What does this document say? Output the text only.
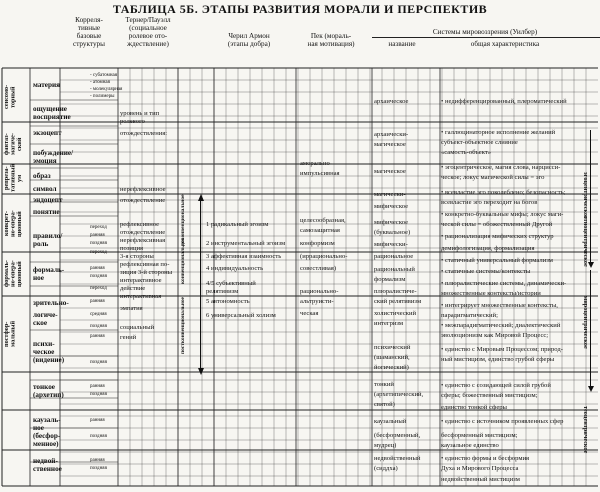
ТАБЛИЦА 5Б. ЭТАПЫ РАЗВИТИЯ МОРАЛИ И ПЕРСПЕКТИВ
Корреля-
тивные
базовые
структуры
Тернер/Пауэлл
(социальное
ролевое ото-
ждествление)
Черил Армон
(этапы добра)
Пек (мораль-
ная мотивация)
Системы мировоззрения (Уилбер)
название	общая характеристика
сенсомо-
торный
фантаз-
магиче-
ский
репреза-
тативный
ум
конкрет-
но-опера-
ционный
формаль-
но-опера-
ционный
постфор-
мальный
материя
ощущение
восприятие
экзоцепт
побуждение/
эмоция
образ
символ
эндоцепт
понятие
правило/
роль
формаль-
ное
зрительно-
логиче-
ское
психи-
ческое
(видение)
тонкое
(архетип)
каузаль-
ное
(бесфор-
менное)
недвой-
ственное
- субатомная
- атомная
- молекулярная
- полимеры
переход
ранняя
поздняя
переход
ранняя
поздняя
переход
ранняя
средняя
поздняя
ранняя
поздняя
ранняя
поздняя
ранняя
поздняя
ранняя
поздняя
уровень и тип
ролевого
отождествления:
нерефлексивное
отождествление
рефлексивное
отождествление
нерефлексивная
позиция
3-я стороны
рефлексивная по-
зиция 3-й стороны
интерактивное
действие
интерактивная
эмпатия
социальный
гений
доконвенциональное
конвенциональное
постконвенциональное
1 радикальный эгоизм
2 инструментальный эгоизм
3 аффективная взаимность
4 индивидуальность
4/5 субъективный
релятивизм
5 автономность
6 универсальный холизм
аморально-
импульсивная
целесообразная,
самозащитная
конформизм
(иррационально-
совестливая)
рационально-
альтруисти-
ческая
архаическое
архаически-
магическое
магическое
магически-
мифическое
мифическое
(буквальное)
мифически-
рациональное
рациональный
формализм
плюралистиче-
ский релятивизм
холистический
интегризм
психический
(шаманский,
йогический)
тонкий
(архетипический,
святой)
каузальный
(бесформенный,
мудрец)
недвойственный
(сиддха)
• недифференцированный, плеромaтический
• галлюцинаторное исполнение желаний
субъект-объектное слияние
«самость-объект»
• эгоцентрическое, магия слова, нарцисси-
ческое; локус магической силы = эго
• всевластие эго поколеблено; безопасность;
всевластие эго переходит на богов
• конкретно-буквальные мифы; локус маги-
ческой силы = обожествленный Другой
• рационализация мифических структур
демифологизация, формализация
• статичный универсальный формализм
• статичные системы/контексты
• плюралистические системы, динамически-
множественные контексты/истории
• интегрирует множественные контексты,
парадигматический;
• межпарадигматический; диалектический
эволюционизм как Мировой Процесс;
• единство с Мировым Процессом; природ-
ный мистицизм, единство грубой сферы
• единство с созидающей силой грубой
сферы; божественный мистицизм;
единство тонкой сферы
• единство с источником проявленных сфер
бесформенный мистицизм;
каузальное единство
• единство формы и бесформия
Духа и Мирового Процесса
недвойственный мистицизм
эгоцентрическое
этноцентрическое
мироцентрическое
теоцентрическое
